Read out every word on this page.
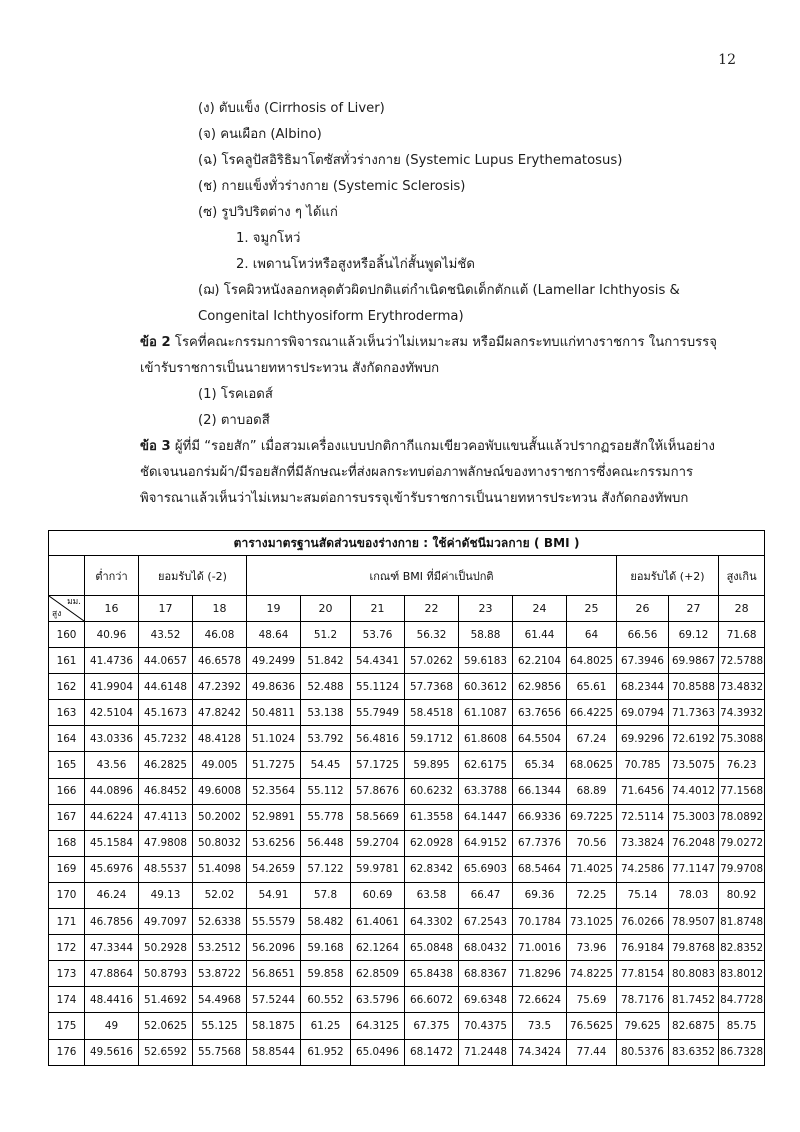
12
(ง) ตับแข็ง (Cirrhosis of Liver)
(จ) คนเผือก (Albino)
(ฉ) โรคลูปัสอิริธิมาโตซัสทั่วร่างกาย (Systemic Lupus Erythematosus)
(ช) กายแข็งทั่วร่างกาย (Systemic Sclerosis)
(ซ) รูปวิปริตต่าง ๆ ได้แก่
1. จมูกโหว่
2. เพดานโหว่หรือสูงหรือลิ้นไก่สั้นพูดไม่ชัด
(ฌ) โรคผิวหนังลอกหลุดตัวผิดปกติแต่กำเนิดชนิดเด็กตักแต้ (Lamellar Ichthyosis & Congenital Ichthyosiform Erythroderma)
ข้อ 2 โรคที่คณะกรรมการพิจารณาแล้วเห็นว่าไม่เหมาะสม หรือมีผลกระทบแก่ทางราชการ ในการบรรจุเข้ารับราชการเป็นนายทหารประทวน สังกัดกองทัพบก
(1) โรคเอดส์
(2) ตาบอดสี
ข้อ 3 ผู้ที่มี “รอยสัก” เมื่อสวมเครื่องแบบปกติกากีแกมเขียวคอพับแขนสั้นแล้วปรากฏรอยสักให้เห็นอย่างชัดเจนนอกร่มผ้า/มีรอยสักที่มีลักษณะที่ส่งผลกระทบต่อภาพลักษณ์ของทางราชการซึ่งคณะกรรมการพิจารณาแล้วเห็นว่าไม่เหมาะสมต่อการบรรจุเข้ารับราชการเป็นนายทหารประทวน สังกัดกองทัพบก
ตารางมาตรฐานสัดส่วนของร่างกาย : ใช้ค่าดัชนีมวลกาย ( BMI )													
	ต่ำกว่า	ยอมรับได้ (-2)		เกณฑ์ BMI ที่มีค่าเป็นปกติ							ยอมรับได้ (+2)		สูงเกิน

มม.
สูง	16	17	18	19	20	21	22	23	24	25	26	27	28
160	40.96	43.52	46.08	48.64	51.2	53.76	56.32	58.88	61.44	64	66.56	69.12	71.68
161	41.4736	44.0657	46.6578	49.2499	51.842	54.4341	57.0262	59.6183	62.2104	64.8025	67.3946	69.9867	72.5788
162	41.9904	44.6148	47.2392	49.8636	52.488	55.1124	57.7368	60.3612	62.9856	65.61	68.2344	70.8588	73.4832
163	42.5104	45.1673	47.8242	50.4811	53.138	55.7949	58.4518	61.1087	63.7656	66.4225	69.0794	71.7363	74.3932
164	43.0336	45.7232	48.4128	51.1024	53.792	56.4816	59.1712	61.8608	64.5504	67.24	69.9296	72.6192	75.3088
165	43.56	46.2825	49.005	51.7275	54.45	57.1725	59.895	62.6175	65.34	68.0625	70.785	73.5075	76.23
166	44.0896	46.8452	49.6008	52.3564	55.112	57.8676	60.6232	63.3788	66.1344	68.89	71.6456	74.4012	77.1568
167	44.6224	47.4113	50.2002	52.9891	55.778	58.5669	61.3558	64.1447	66.9336	69.7225	72.5114	75.3003	78.0892
168	45.1584	47.9808	50.8032	53.6256	56.448	59.2704	62.0928	64.9152	67.7376	70.56	73.3824	76.2048	79.0272
169	45.6976	48.5537	51.4098	54.2659	57.122	59.9781	62.8342	65.6903	68.5464	71.4025	74.2586	77.1147	79.9708
170	46.24	49.13	52.02	54.91	57.8	60.69	63.58	66.47	69.36	72.25	75.14	78.03	80.92
171	46.7856	49.7097	52.6338	55.5579	58.482	61.4061	64.3302	67.2543	70.1784	73.1025	76.0266	78.9507	81.8748
172	47.3344	50.2928	53.2512	56.2096	59.168	62.1264	65.0848	68.0432	71.0016	73.96	76.9184	79.8768	82.8352
173	47.8864	50.8793	53.8722	56.8651	59.858	62.8509	65.8438	68.8367	71.8296	74.8225	77.8154	80.8083	83.8012
174	48.4416	51.4692	54.4968	57.5244	60.552	63.5796	66.6072	69.6348	72.6624	75.69	78.7176	81.7452	84.7728
175	49	52.0625	55.125	58.1875	61.25	64.3125	67.375	70.4375	73.5	76.5625	79.625	82.6875	85.75
176	49.5616	52.6592	55.7568	58.8544	61.952	65.0496	68.1472	71.2448	74.3424	77.44	80.5376	83.6352	86.7328
